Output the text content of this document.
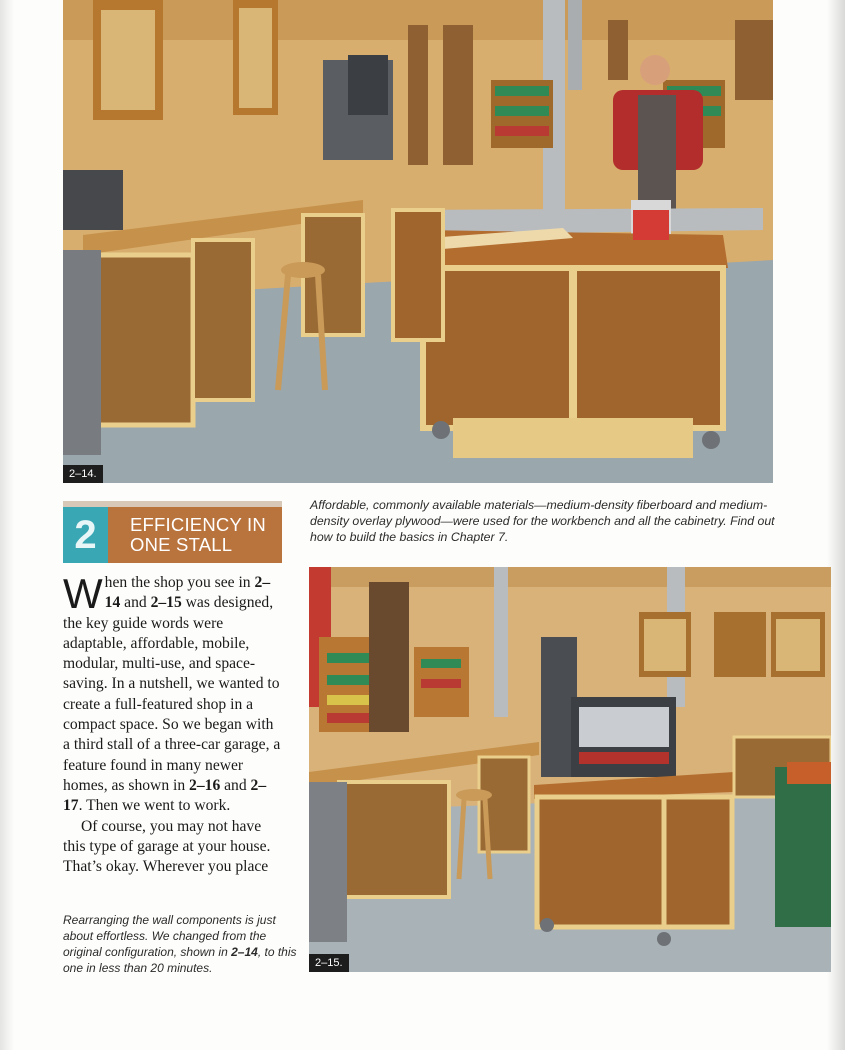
2–14.
Affordable, commonly available materials—medium-density fiberboard and medium-density overlay plywood—were used for the workbench and all the cabinetry. Find out how to build the basics in Chapter 7.
2	EFFICIENCY IN
ONE STALL

When the shop you see in 2–14 and 2–15 was designed, the key guide words were adaptable, affordable, mobile, modular, multi-use, and space-saving. In a nutshell, we wanted to create a full-featured shop in a compact space. So we began with a third stall of a three-car garage, a feature found in many newer homes, as shown in 2–16 and 2–17. Then we went to work.

Of course, you may not have this type of garage at your house. That’s okay. Wherever you place

Rearranging the wall components is just about effortless. We changed from the original configuration, shown in 2–14, to this one in less than 20 minutes.	2–15.
